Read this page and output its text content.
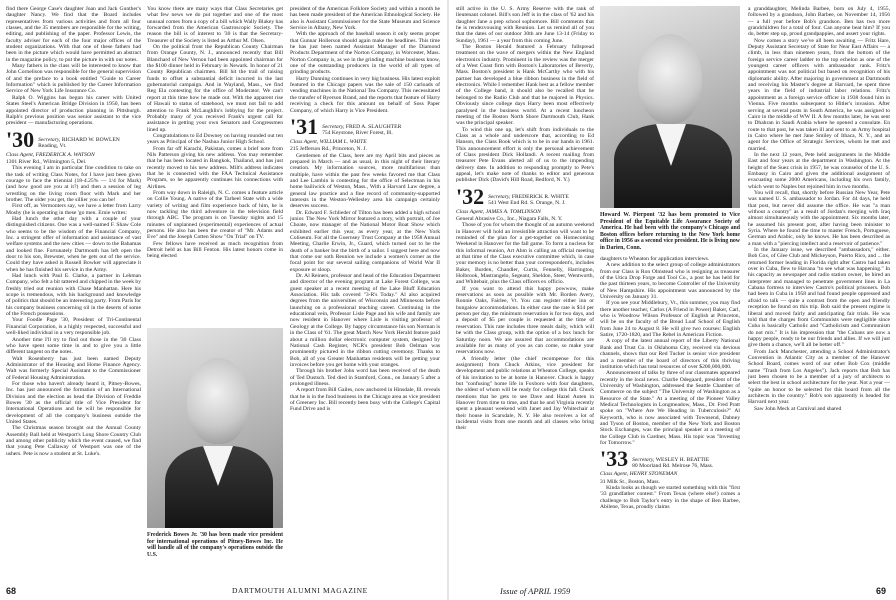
find there George Case's daughter Joan and Jack Gunther's daughter Nancy. We find that the Board includes representatives from various activities and from all four classes, and the 35 members are responsible for the writing, editing, and publishing of the paper. Professor Lewis, the faculty adviser for each of the four major offices of the student organizations. With that one of these fathers had been in the picture which would have permitted an abstract in the magazine policy, to put the picture in with our notes.

Many fathers in the class will be interested to know that John Cornelison was responsible for the general supervision of and the preface to a book entitled "Guide to Career Information" which is published by the Career Information Service of New York Life Insurance Co.

Ralph O. Wiggins has begun his career with United States Steel's American Bridge Division in 1950, has been appointed director of production planning in Pittsburgh. Ralph's previous position was senior assistant to the vice president — manufacturing operations.

'30 Secretary, RICHARD W. BOWLEN
Reading, Vt.
Class Agent, FREDERICK A. WATSON
1301 River Rd., Wilmington 5, Del.

This evening I am in particular fine condition to take on the task of writing Class Notes, for I have just been given courage to face the triennial (18-4.25% — 1/4 for Mark) (and how good are you at it?) and then a session of leg wrestling on the living room floor with Mark and her brother. The older you get, the sillier you can be!

First off, as Vermonters say, we have a letter from Larry Mosby (he is operating in these 'go men. Ernie writes:

Had lunch the other day with a couple of your distinguished citizens. One was a well-named F. Shaw Cole who seems to be the wisdom of the Financial Company, Inc. a stringent offer of information and assistance of vast welfare systems and the new cities — down to the Bahamas and looked fine. Fortunately Dartmouth has left open the door to his son, Brewster, when he gets out of the service. Could they have asked is Russell Bowker will appreciate it when he has finished his service in the Army.

Had lunch with Paul E. Clarke, a partner in Lehman Company, who felt a bit tattered and chipped in the week by freshly tried out reunion with Chase Manhattan. Here his scope is tremendous, with his background and knowledge of politics that should be an interesting party. From Paris for his company business concerning oil in the deserts of some of the French possessions.

Your Foodle Page '30, President of Tri-Continental Financial Corporation, is a highly respected, successful and well-liked individual in a very responsible job.

Another time I'll try to find out those in the '30 Class who have spent some time in and to give you a little different tangent on the notes.

Walt Rosenberry has just been named Deputy Administrator of the Housing and Home Finance Agency. Walt was formerly Special Assistant to the Commissioner of Federal Housing Administration.

For those who haven't already heard it, Pitney-Bowes, Inc. has just announced the formation of an International Division and the election as head the Division of Freddie Bowes '30 as the official title of Vice President for International Operations and he will be responsible for development of all the company's business outside the United States.

The Christmas season brought out the Annual County Assembly Ball held at Westport's Long Shore Country Club and among other publicity which the event caused, we find that young Pete Callaway of Westport was one of the ushers. Pete is now a student at St. Luke's.

You know there are many ways that Class Secretaries get what few news we do put together and one of the most unusual comes from a copy of a bill which Wally Blakey has forwarded from the American Gastroscopic Society. The reason the bill is of interest to '30 is that the Secretary-Treasurer of the Society is listed as Arthur M. Olsen.

On the political front the Republican County Chairman from Orange County, N. J., announced recently that Bill Blanchard of New Vernon had been appointed chairman for the $100 dinner held in February in Newark. In honor of 21 County Republican chairmen. Bill hit the trail of raising funds to offset a substantial deficit incurred in the last gubernatorial campaign. And in Wayland, Mass., we find Reg Ela contesting for the office of Moderator. We can't report at this time how he made out. With the apparent rise of Hawaii to status of statehood, we must not fail to add attention to Frank McLaughlin's lobbying for the project. Probably many of you received Frank's urgent call for assistance in getting your own Senators and Congressmen lined up.

Congratulations to Ed Downey on having rounded out ten years as Principal of the Nashua Junior High School.

From far off Karachi, Pakistan, comes a brief note from Nils Patterson giving his new address. You may remember that he has been located in Bangkok, Thailand, and has just recently moved to his new address. Milt's address indicates that he is connected with the FAA Technical Assistance Program, so he apparently continues his connections with Airlines.

From way down in Raleigh, N. C. comes a feature article on Collie Young. A native of the Tarheel State with a wide variety of writing and film experience back of him, he is now tackling the third adventure in the television field through ABC. The program is on Tuesday nights and 15 minutes of unplanned (experimental) experiences of actual persons. He also has been the creator of "Mr. Adams and Eve" and the Joseph Cotten Show "On Trial" on TV.

Few fellows have received as much recognition from Detroit held as has Bill Fenton. His latest honors come in being elected

Frederick Bowes Jr. '30 has been made vice president for international operations of Pitney-Bowes Inc. He will handle all of the company's operations outside the U.S.

president of the American Folklore Society and within a month he has been made president of the American Ethnological Society. He also is Assistant Commissioner for the State Museum and Science Service in Albany, New York.

With the approach of the baseball season it only seems proper that Gunnar Hollerson should again make the headlines. This time he has just been named Assistant Manager of the Diamond Products Department of the Norton Company, in Worcester, Mass. Norton Company is, as we in the grinding machine business know, one of the outstanding producers in the world of all types of grinding products.

Harry Dunning continues in very big business. His latest exploit featured in the Chicago papers was the sale of 150 carloads of vending machines in the National Tea Company. This necessitated the transfer of Ryerson Brand, and the reports that feature of Harry receiving a check for this amount on behalf of Soss Paper Company, of which Harry is Vice President.

'31 Secretary, FRED A. SLAUGHTER
754 Keystone, River Forest, Ill.
Class Agent, WILLIAM L. WHITE
215 Jefferson Rd., Princeton, N. J.

Gentlemen of the Class, here are my April bits and pieces as prepared in March — and as usual, in this night of their literary creation. My information sources, more multifarious than multiple, have within the past few weeks favored me that Class and Lee Lambin is contesting for the office of Selectman in his home bailiwick of Weston, Mass., With a Harvard Law degree, a general law practice and a fine record of community-supported interests in the Weston-Wellesley area his campaign certainly deserves success.

Dr. Edward F. Schlieder of Tilton has been added a high school junior. The New York Mirror featured a story, with portrait, of Joe Choate, now manager of the National Motor Boat Show which exhibited earlier this year, as every year, at the New York Coliseum. For all the Guernsey Trust Company at the 1958 Annual Meeting, Charlie Erwin, Jr., Guard, which turned out to be the death of a banker but the birth of a sailor. I suggest here and now that come our soth Reunion we include a women's corner as the focal point for our several sailing companions of World War II exposure or sloop.

Dr. Al Reiners, professor and head of the Education Department and director of the evening program at Lake Forest College, was guest speaker at a recent meeting of the Lake Bluff Education Association. His talk covered "3-R's Today." Al also acquired degrees from the universities of Wisconsin and Minnesota before launching on a professional teaching career. Continuing in the educational vein, Professor Lisle Page and his wife and family are now resident in Hanover where Lisle is visiting professor of Geology at the College. By happy circumstance his son Norman is in the Class of '61. The great March New York Herald feature paid about a million dollar electronic computer system, designed by National Cash Register, NCR's president Bob Oelman was prominently pictured in the ribbon cutting ceremony. Thanks to Bob, all of you Greater Manhattan residents will be getting your invoices before you get home with your oranges.

Through his brother John word has been received of the death of Ted Dustsch. Ted died in Stamford, Conn., on January 5 after a prolonged illness.

A report from Bill Gailes, now anchored in Hinsdale, Ill. reveals that he is in the food business in the Chicago area as vice president of Greenery Inc. Bill recently been busy with the College's Capital Fund Drive and is

still active in the U. S. Army Reserve with the rank of lieutenant colonel. Bill's son Jeff is in the class of '62 and his daughter Jane a prep school sophomore. Bill comments that he is rendezvousing with Reunion. Let us remind all of you that the dates of our outdoor 30th are June 13-14 (Friday to Sunday), 1961 — a year from this coming June.

The Boston Herald featured a February fullspread treatment on the wave of mergers within the New England electronics industry. Prominent in the review was the merger of a West Coast firm with Boston's Laboratories of Beverly, Mass. Boston's president is Hank McCarthy who with his partner has developed a blue ribbon business in the field of electronics. While I remember Hank best as a fellow member of the College band, it should also be recalled that he belonged to the Radio Club and that he majored in Physics. Obviously since college days Harry been most effectively paralysed in the business world. At a recent luncheon meeting of the Boston North Shore Dartmouth Club, Hank was the principal speaker.

To wind this one up, let's shift from individuals to the Class as a whole and underscore that, according to Ed Hanson, the Class Book which is to be in our hands in 1961. This announcement effort is only the personal achievement of Class president Dick Hollandi. A recent mailing from treasurer Pete Evans alerted all of us to the impending delivery date. In addition to responding promptly to Pete's appeal, let's make note of thanks to editor and generous publisher Dick (David's Hill Road, Bedford, N. Y.)

'32 Secretary, FREDERICK R. WHITE
541 West End Rd. S. Orange, N. J.
Class Agent, JAMES A. TOMLINSON
General Abrasive Co., Inc., Niagara Falls, N. Y.

Those of you for whom the thought of an autumn weekend in Hanover will hold an irresistible attraction will want to be reminded of the plan for a get-together on Homecoming Weekend in Hanover for the fall game. To form a nucleus for this informal reunion, Art Ahm is calling an official meeting at that time of the Class executive committee which, in case your memory is no better than your correspondent's, includes Baker, Burden, Chandler, Curtis, Fennelly, Harrington, Holbrook, Mastrangelo, Segeant, Sheldon, Steer, Wentworth, and Whitebair, plus the Class officers ex officio.

If you want to attend this happy powwow, make reservations as soon as possible with Mr. Borden Avery, Ronnie Oaks, Fairlee, Vt. You can register either inn or bungalow accommodations. In either case the rate is $14 per person per day, the minimum reservation is for two days, and a deposit of $5 per couple is requested at the time of reservation. This rate includes three meals daily, which will be with the Class group, with the option of a box lunch for Saturday noon. We are assured that accommodations are available for as many of you as can come, so make your reservations now.

A friendly letter (the chief recompense for this assignment) from Chuck Atkins, vice president for development and public relations at Wheaton College, speaks of his invitation to be at home in Hanover. Chuck is happy but "confusing" home life in Foxboro with four daughters, the oldest of whom will be ready for college this fall. Chuck mentions that he gets to see Dave and Hazel Auten in Hanover from time to time, and that he and Virginia recently spent a pleasant weekend with Janet and Jay Whitechair at their house in Scarsdale, N. Y. He also receives a lot of incidental visits from one month and all classes who bring their

Howard W. Pierpont '32 has been promoted to Vice President of the Equitable Life Assurance Society of America. He had been with the company's Chicago and Boston offices before returning to the New York home office in 1956 as a second vice president. He is living now in Darien, Conn.

daughters to Wheaton for application interviews.

A new addition to the select group of college administrators from our Class is Ron Olmstead who is resigning as treasurer of the Utica Drop Forge and Tool Co., a post he has held for the past thirteen years, to become Controller of the University of New Hampshire. His appointment was announced by the University on January 31.

If you see your Middlebury, Vt., this summer, you may find there another teacher, Carlos (A Friend in Power) Baker, Carl, who is Woodrow Wilson Professor of English at Princeton, will be on the faculty of the Bread Loaf School of English from June 24 to August 8. He will give two courses: English Satire, 1720-1820, and The Rebel in American Fiction.

A copy of the latest annual report of the Liberty National Bank and Trust Co. in Oklahoma City, received via devious channels, shows that our Red Tucker is senior vice president and a member of the board of directors of this thriving institution which has total resources of over $200,000,000.

Announcement of talks by three of our classmates appeared recently in the local news. Charlie Odegaard, president of the University of Washington, addressed the Seattle Chamber of Commerce on the subject "The University of Washington as a Resource of the State." At a meeting of the Pioneer Valley Medical Technologists in Longmeadow, Mass., Dr. Fred Pratt spoke on "Where Are We Heading in Tuberculosis?" Al Keyworth, who is now associated with Townsend, Dabney and Tyson of Boston, member of the New York and Boston Stock Exchanges, was the principal speaker at a meeting of the College Club in Gardner, Mass. His topic was "Investing for Tomorrow."

'33 Secretary, WESLEY H. BEATTIE
80 Moorland Rd. Melrose 76, Mass.
Class Agent, HENRY STONEMAN
31 Milk St., Boston, Mass.

Kinda looks as though we started something with this "first '33 grandfather contest." From Texas (where else!) comes a challenge to Bob Taylor's entry in the shape of Ben Barbee, Abilene, Texas, proudly claims

a granddaughter, Melinda Barbee, born on July 4, 1955, followed by a grandson, John Barbee, on November 14, 1956 — a full year before Bob's grandson. Ben has two more grandchildren for a total of four. Can anyone beat him? If you do, better step up, proud grandpappies, and assert your rights.

Now comes a story we've all been awaiting — Fritz Hare, Deputy Assistant Secretary of State for Near East Affairs — a climb, in less than nineteen years, from the bottom of the foreign service career ladder to the top echelon as one of the youngest career officers with ambassador rank. Fritz's appointment was not political but based on recognition of his diplomatic ability. After majoring in government at Dartmouth and receiving his Master's degree at Harvard, he spent three years in the field of industrial labor relations. Fritz's appointment as a foreign service officer in 1938 found him in Vienna. Five months subsequent to Hitler's invasion. After serving at several posts in South America, he was assigned to Cairo in the middle of WW II. A few months later, he was sent to Dhahran in Saudi Arabia where he opened a consulate. En route to that post, he was taken ill and sent to an Army hospital in Cairo where he met Jane Smiley of Ithaca, N. Y., and an agent for the Office of Strategic Services, whom he met and married.

In the next 12 years, Pete held assignments in the Middle East and four years at the department in Washington. At the height of the Suez crisis in 1957, he was counselor of the U. S. Embassy in Cairo and given the additional assignment of evacuating some 2000 Americans, including his own family, which went to Naples but rejoined him in two months.

You will recall, that, shortly before Russian New Year, Pete was named U. S. ambassador to Jordan. For 44 days, he held that post, but never did assume the office. He was "a man without a country" as a result of Jordan's merging with Iraq almost simultaneously with the appointment. Six months later, he assumed his present post, after having been minister to Syria. Where he found the time to master French, Portuguese, German and Arabic, only he knows. He has been described as a man with a "piercing intellect and a reservoir of patience."

In the January issue, we described "ambassadors," either. Bob Cox, of Glee Club and Mickeyson, Puerto Rico, and ... the returned former leading in Florida right after Castro had taken over in Cuba, flew to Havana "to see what was happening." In his capacity as newspaper and radio station owner, he hired an interpreter and managed to penetrate government lines in La Cabana fortress to interview Castro's political prisoners. Bob had been in Cuba in 1958 and had found people oppressed and afraid to talk — quite a contrast from the open and friendly reception he found on this trip. Bob said the present regime is liberal and moved fairly and anticipating fair trials. He was told that the charges from Communists were negligible since Cuba is basically Catholic and "Catholicism and Communism do not mix." It is his impression that "the Cubans are now a happy people, ready to be our friends and allies. If we will just give them a chance, we'll all be better off."

From Jack Manchester, attending a School Administrator's Convention in Atlantic City as a member of the Hanover School Board, comes word of our other Bob Cox (middle name "Trash from Los Angeles"). Jack reports that Bob has just been chosen to be a member of a jury of architects to select the best in school architecture for the year. Not a year — "quite an honor to be selected for this board from all the architects in the country." Bob's son apparently is headed for Harvard next year.

Saw John Meck at Carnival and shared

68	DARTMOUTH ALUMNI MAGAZINE	Issue of APRIL 1959	69
